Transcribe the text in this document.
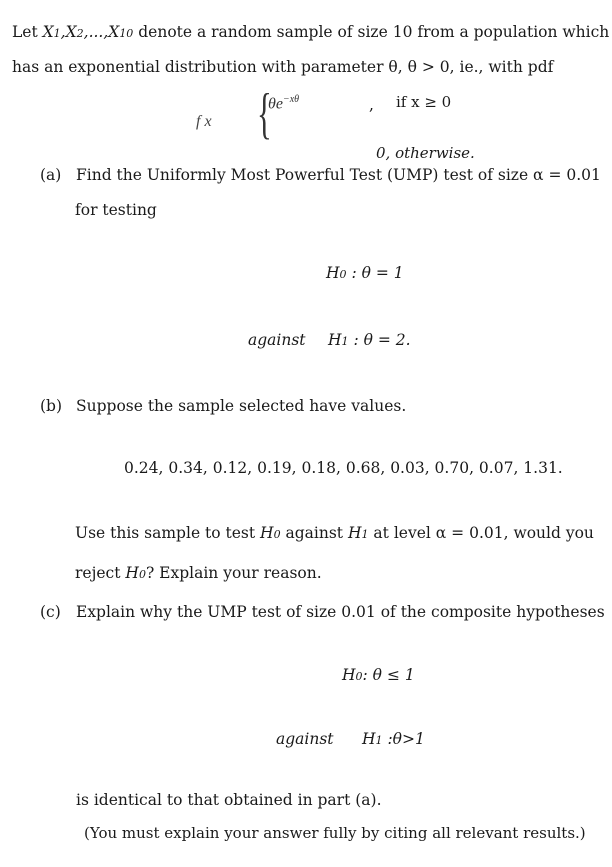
Let X1,X2,...,X10 denote a random sample of size 10 from a population which
has an exponential distribution with parameter θ, θ > 0, ie., with pdf
f x {
$\theta e^{-x\theta}$	, if x ≥ 0
0, otherwise.
(a) Find the Uniformly Most Powerful Test (UMP) test of size α = 0.01
for testing
H0 : θ = 1
against H1 : θ = 2.
(b) Suppose the sample selected have values.
0.24, 0.34, 0.12, 0.19, 0.18, 0.68, 0.03, 0.70, 0.07, 1.31.
Use this sample to test H0 against H1 at level α = 0.01, would you
reject H0? Explain your reason.
(c) Explain why the UMP test of size 0.01 of the composite hypotheses
H0: θ ≤ 1
against H1 :θ>1
is identical to that obtained in part (a).
(You must explain your answer fully by citing all relevant results.)
